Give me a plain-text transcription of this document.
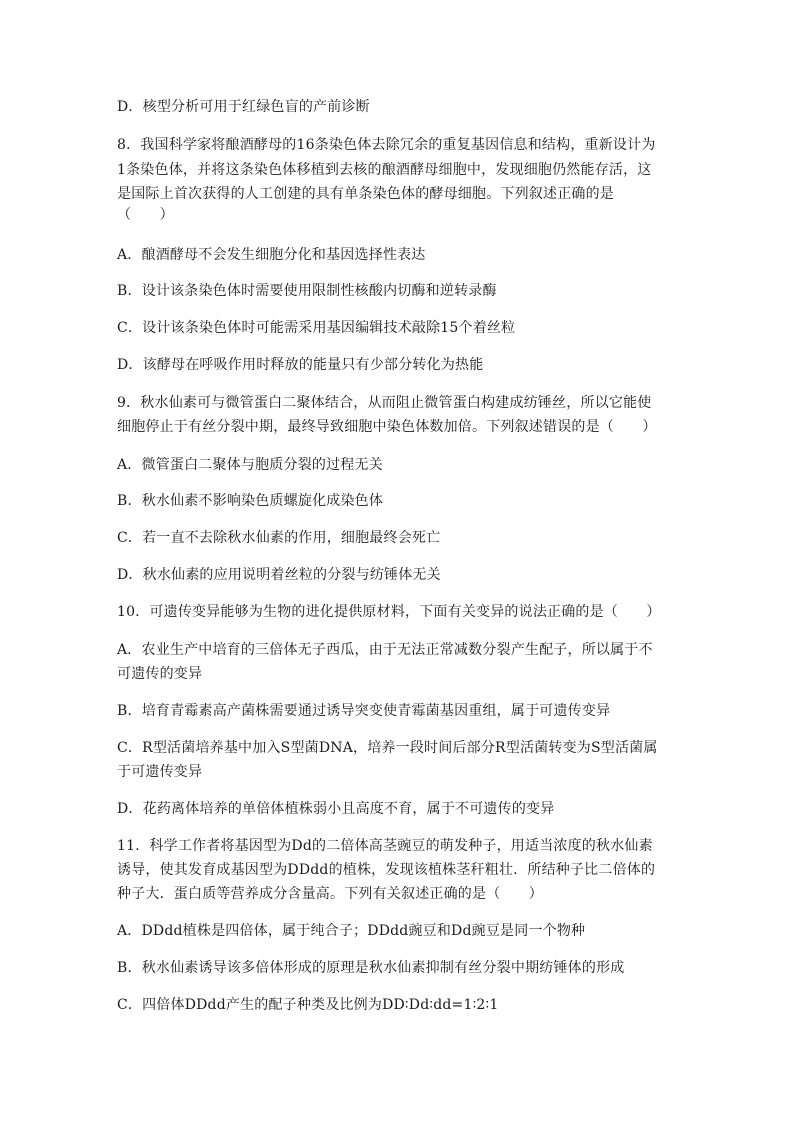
D．核型分析可用于红绿色盲的产前诊断
8．我国科学家将酿酒酵母的16条染色体去除冗余的重复基因信息和结构，重新设计为
1条染色体，并将这条染色体移植到去核的酿酒酵母细胞中，发现细胞仍然能存活，这
是国际上首次获得的人工创建的具有单条染色体的酵母细胞。下列叙述正确的是
（　　）
A．酿酒酵母不会发生细胞分化和基因选择性表达
B．设计该条染色体时需要使用限制性核酸内切酶和逆转录酶
C．设计该条染色体时可能需采用基因编辑技术敲除15个着丝粒
D．该酵母在呼吸作用时释放的能量只有少部分转化为热能
9．秋水仙素可与微管蛋白二聚体结合，从而阻止微管蛋白构建成纺锤丝，所以它能使
细胞停止于有丝分裂中期，最终导致细胞中染色体数加倍。下列叙述错误的是（　　）
A．微管蛋白二聚体与胞质分裂的过程无关
B．秋水仙素不影响染色质螺旋化成染色体
C．若一直不去除秋水仙素的作用，细胞最终会死亡
D．秋水仙素的应用说明着丝粒的分裂与纺锤体无关
10．可遗传变异能够为生物的进化提供原材料，下面有关变异的说法正确的是（　　）
A．农业生产中培育的三倍体无子西瓜，由于无法正常减数分裂产生配子，所以属于不
可遗传的变异
B．培育青霉素高产菌株需要通过诱导突变使青霉菌基因重组，属于可遗传变异
C．R型活菌培养基中加入S型菌DNA，培养一段时间后部分R型活菌转变为S型活菌属
于可遗传变异
D．花药离体培养的单倍体植株弱小且高度不育，属于不可遗传的变异
11．科学工作者将基因型为Dd的二倍体高茎豌豆的萌发种子，用适当浓度的秋水仙素
诱导，使其发育成基因型为DDdd的植株，发现该植株茎秆粗壮．所结种子比二倍体的
种子大．蛋白质等营养成分含量高。下列有关叙述正确的是（　　）
A．DDdd植株是四倍体，属于纯合子；DDdd豌豆和Dd豌豆是同一个物种
B．秋水仙素诱导该多倍体形成的原理是秋水仙素抑制有丝分裂中期纺锤体的形成
C．四倍体DDdd产生的配子种类及比例为DD∶Dd∶dd=1∶2∶1
